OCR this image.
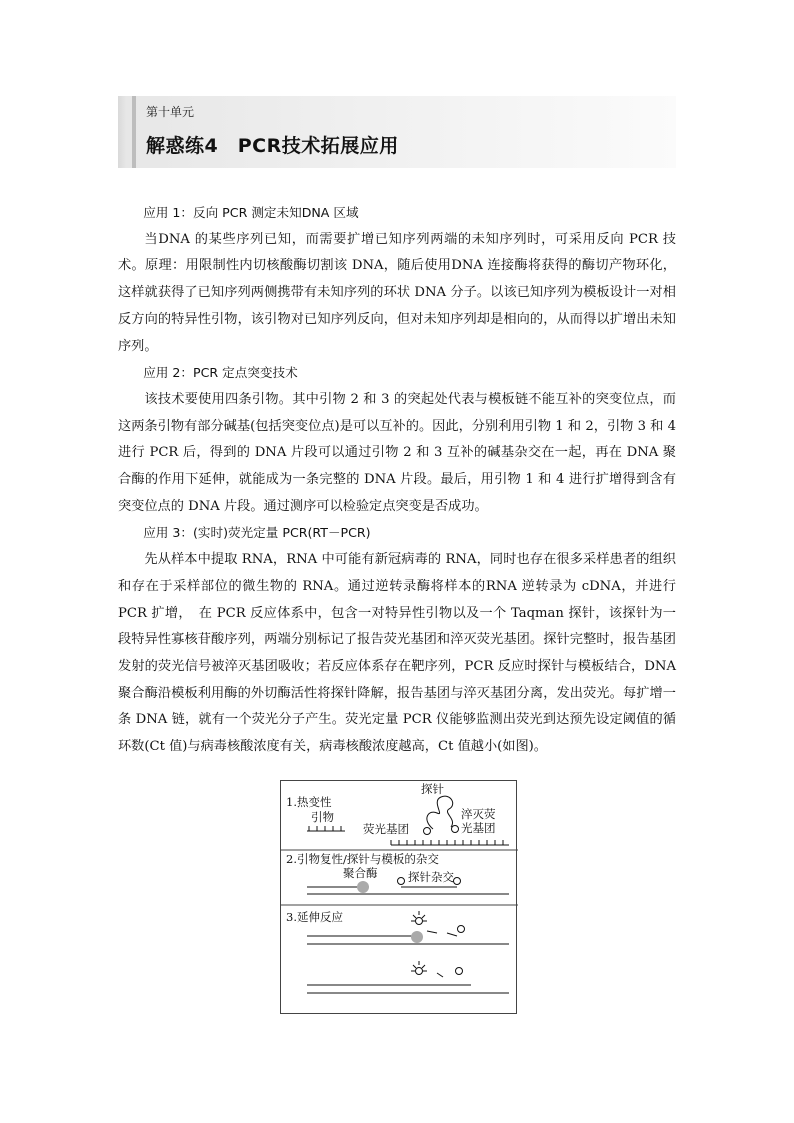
第十单元
解惑练4　PCR技术拓展应用

应用 1：反向 PCR 测定未知DNA 区域

当DNA 的某些序列已知，而需要扩增已知序列两端的未知序列时，可采用反向 PCR 技术。原理：用限制性内切核酸酶切割该 DNA，随后使用DNA 连接酶将获得的酶切产物环化，这样就获得了已知序列两侧携带有未知序列的环状 DNA 分子。以该已知序列为模板设计一对相反方向的特异性引物，该引物对已知序列反向，但对未知序列却是相向的，从而得以扩增出未知序列。

应用 2：PCR 定点突变技术

该技术要使用四条引物。其中引物 2 和 3 的突起处代表与模板链不能互补的突变位点，而这两条引物有部分碱基(包括突变位点)是可以互补的。因此，分别利用引物 1 和 2，引物 3 和 4 进行 PCR 后，得到的 DNA 片段可以通过引物 2 和 3 互补的碱基杂交在一起，再在 DNA 聚合酶的作用下延伸，就能成为一条完整的 DNA 片段。最后，用引物 1 和 4 进行扩增得到含有突变位点的 DNA 片段。通过测序可以检验定点突变是否成功。

应用 3：(实时)荧光定量 PCR(RT－PCR)

先从样本中提取 RNA，RNA 中可能有新冠病毒的 RNA，同时也存在很多采样患者的组织和存在于采样部位的微生物的 RNA。通过逆转录酶将样本的RNA 逆转录为 cDNA，并进行 PCR 扩增，　在 PCR 反应体系中，包含一对特异性引物以及一个 Taqman 探针，该探针为一段特异性寡核苷酸序列，两端分别标记了报告荧光基团和淬灭荧光基团。探针完整时，报告基团发射的荧光信号被淬灭基团吸收；若反应体系存在靶序列，PCR 反应时探针与模板结合，DNA 聚合酶沿模板利用酶的外切酶活性将探针降解，报告基团与淬灭基团分离，发出荧光。每扩增一条 DNA 链，就有一个荧光分子产生。荧光定量 PCR 仪能够监测出荧光到达预先设定阈值的循环数(Ct 值)与病毒核酸浓度有关，病毒核酸浓度越高，Ct 值越小(如图)。

探针
1.热变性
引物
荧光基团
淬灭荧
光基团
2.引物复性/探针与模板的杂交
聚合酶	探针杂交
3.延伸反应
